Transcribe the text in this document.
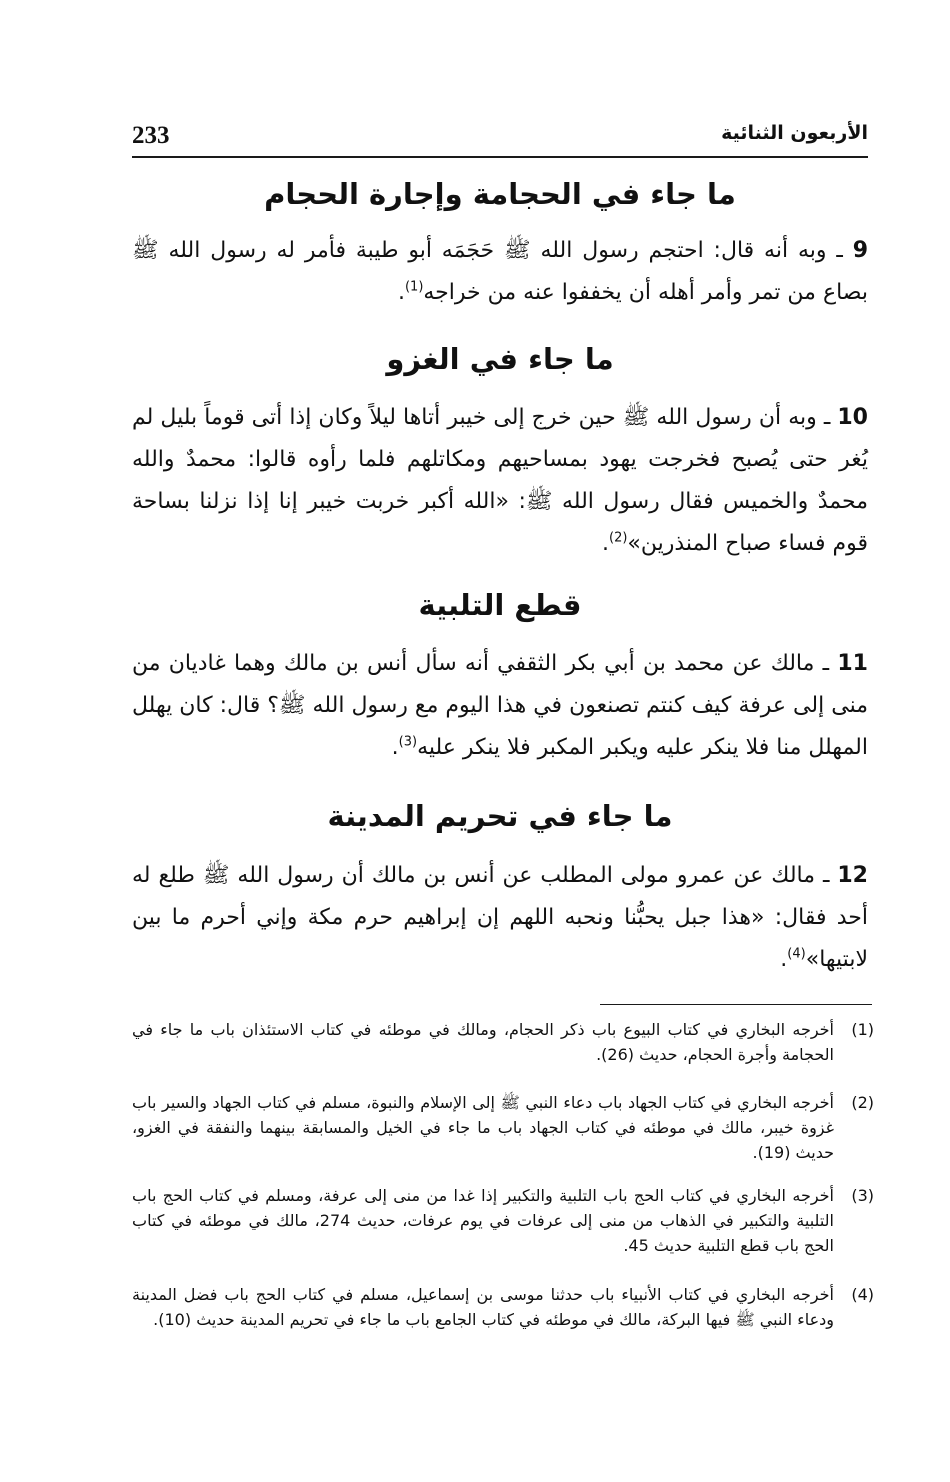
233	الأربعون الثنائية
ما جاء في الحجامة وإجارة الحجام

9 ـ وبه أنه قال: احتجم رسول الله ﷺ حَجَمَه أبو طيبة فأمر له رسول الله ﷺ بصاع من تمر وأمر أهله أن يخففوا عنه من خراجه$^{(1)}$.

ما جاء في الغزو

10 ـ وبه أن رسول الله ﷺ حين خرج إلى خيبر أتاها ليلاً وكان إذا أتى قوماً بليل لم يُغر حتى يُصبح فخرجت يهود بمساحيهم ومكاتلهم فلما رأوه قالوا: محمدٌ والله محمدٌ والخميس فقال رسول الله ﷺ: «الله أكبر خربت خيبر إنا إذا نزلنا بساحة قوم فساء صباح المنذرين»$^{(2)}$.

قطع التلبية

11 ـ مالك عن محمد بن أبي بكر الثقفي أنه سأل أنس بن مالك وهما غاديان من منى إلى عرفة كيف كنتم تصنعون في هذا اليوم مع رسول الله ﷺ؟ قال: كان يهلل المهلل منا فلا ينكر عليه ويكبر المكبر فلا ينكر عليه$^{(3)}$.

ما جاء في تحريم المدينة

12 ـ مالك عن عمرو مولى المطلب عن أنس بن مالك أن رسول الله ﷺ طلع له أحد فقال: «هذا جبل يحبُّنا ونحبه اللهم إن إبراهيم حرم مكة وإني أحرم ما بين لابتيها»$^{(4)}$.

(1)
أخرجه البخاري في كتاب البيوع باب ذكر الحجام، ومالك في موطئه في كتاب الاستئذان باب ما جاء في الحجامة وأجرة الحجام، حديث (26).
(2)
أخرجه البخاري في كتاب الجهاد باب دعاء النبي ﷺ إلى الإسلام والنبوة، مسلم في كتاب الجهاد والسير باب غزوة خيبر، مالك في موطئه في كتاب الجهاد باب ما جاء في الخيل والمسابقة بينهما والنفقة في الغزو، حديث (19).
(3)
أخرجه البخاري في كتاب الحج باب التلبية والتكبير إذا غدا من منى إلى عرفة، ومسلم في كتاب الحج باب التلبية والتكبير في الذهاب من منى إلى عرفات في يوم عرفات، حديث 274، مالك في موطئه في كتاب الحج باب قطع التلبية حديث 45.
(4)
أخرجه البخاري في كتاب الأنبياء باب حدثنا موسى بن إسماعيل، مسلم في كتاب الحج باب فضل المدينة ودعاء النبي ﷺ فيها البركة، مالك في موطئه في كتاب الجامع باب ما جاء في تحريم المدينة حديث (10).
